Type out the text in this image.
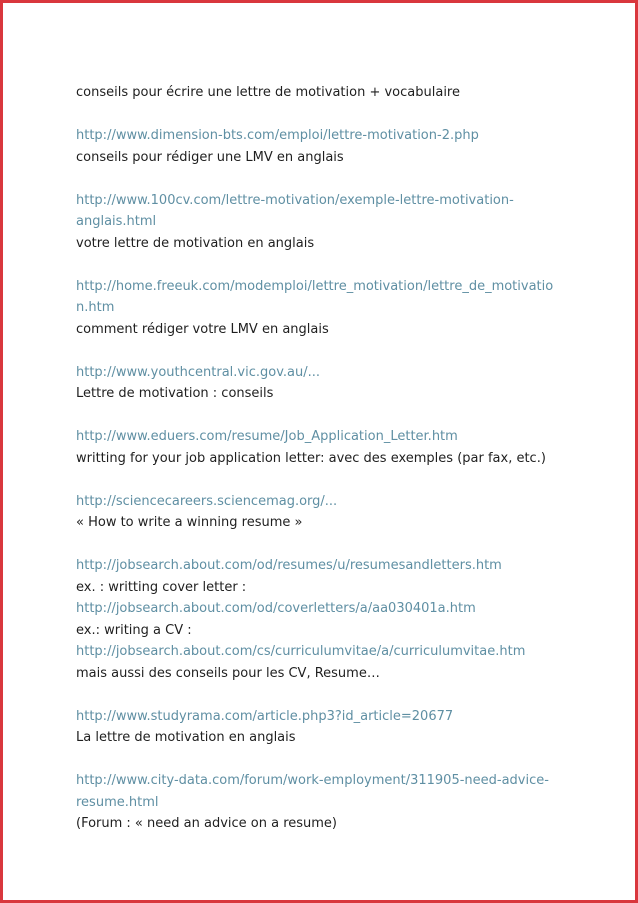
conseils pour écrire une lettre de motivation + vocabulaire
http://www.dimension-bts.com/emploi/lettre-motivation-2.php
conseils pour rédiger une LMV en anglais
http://www.100cv.com/lettre-motivation/exemple-lettre-motivation-
anglais.html
votre lettre de motivation en anglais
http://home.freeuk.com/modemploi/lettre_motivation/lettre_de_motivatio
n.htm
comment rédiger votre LMV en anglais
http://www.youthcentral.vic.gov.au/...
Lettre de motivation : conseils
http://www.eduers.com/resume/Job_Application_Letter.htm
writting for your job application letter: avec des exemples (par fax, etc.)
http://sciencecareers.sciencemag.org/...
« How to write a winning resume »
http://jobsearch.about.com/od/resumes/u/resumesandletters.htm
ex. : writting cover letter :
http://jobsearch.about.com/od/coverletters/a/aa030401a.htm
ex.: writing a CV :
http://jobsearch.about.com/cs/curriculumvitae/a/curriculumvitae.htm
mais aussi des conseils pour les CV, Resume…
http://www.studyrama.com/article.php3?id_article=20677
La lettre de motivation en anglais
http://www.city-data.com/forum/work-employment/311905-need-advice-
resume.html
(Forum : « need an advice on a resume)
